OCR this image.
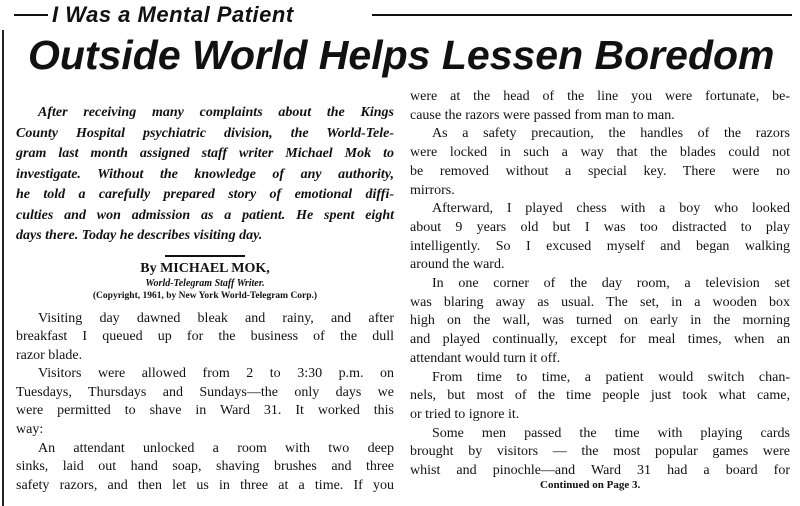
I Was a Mental Patient
Outside World Helps Lessen Boredom
After receiving many complaints about the Kings
County Hospital psychiatric division, the World-Tele-
gram last month assigned staff writer Michael Mok to
investigate. Without the knowledge of any authority,
he told a carefully prepared story of emotional diffi-
culties and won admission as a patient. He spent eight
days there. Today he describes visiting day.
By MICHAEL MOK,
World-Telegram Staff Writer.
(Copyright, 1961, by New York World-Telegram Corp.)
Visiting day dawned bleak and rainy, and after
breakfast I queued up for the business of the dull
razor blade.
Visitors were allowed from 2 to 3:30 p.m. on
Tuesdays, Thursdays and Sundays—the only days we
were permitted to shave in Ward 31. It worked this
way:
An attendant unlocked a room with two deep
sinks, laid out hand soap, shaving brushes and three
safety razors, and then let us in three at a time. If you
were at the head of the line you were fortunate, be-
cause the razors were passed from man to man.
As a safety precaution, the handles of the razors
were locked in such a way that the blades could not
be removed without a special key. There were no
mirrors.
Afterward, I played chess with a boy who looked
about 9 years old but I was too distracted to play
intelligently. So I excused myself and began walking
around the ward.
In one corner of the day room, a television set
was blaring away as usual. The set, in a wooden box
high on the wall, was turned on early in the morning
and played continually, except for meal times, when an
attendant would turn it off.
From time to time, a patient would switch chan-
nels, but most of the time people just took what came,
or tried to ignore it.
Some men passed the time with playing cards
brought by visitors — the most popular games were
whist and pinochle—and Ward 31 had a board for
Continued on Page 3.
